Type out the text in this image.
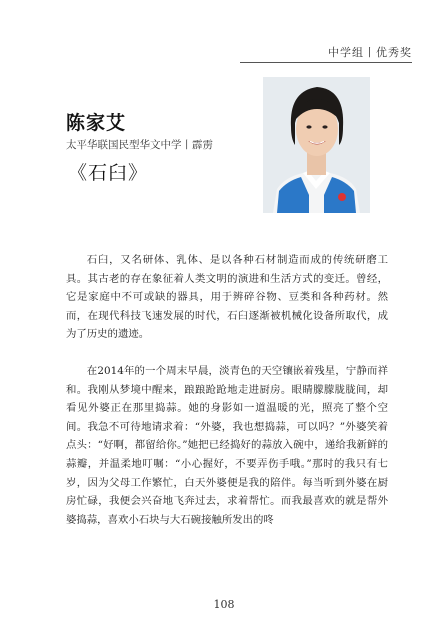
中学组丨优秀奖
陈家艾
太平华联国民型华文中学丨霹雳
《石臼》

石臼，又名研体、乳体、是以各种石材制造而成的传统研磨工具。其古老的存在象征着人类文明的演进和生活方式的变迁。曾经，它是家庭中不可或缺的器具，用于辨碎谷物、豆类和各种药材。然而，在现代科技飞速发展的时代，石臼逐渐被机械化设备所取代，成为了历史的遗迹。

在2014年的一个周末早晨，淡青色的天空镶嵌着残星，宁静而祥和。我刚从梦境中醒来，踉踉跄跄地走进厨房。眼睛朦朦胧胧间，却看见外婆正在那里捣蒜。她的身影如一道温暖的光，照亮了整个空间。我急不可待地请求着：“外婆，我也想捣蒜，可以吗？”外婆笑着点头：“好啊，都留给你。”她把已经捣好的蒜放入碗中，递给我新鲜的蒜瓣，并温柔地叮嘱：“小心握好，不要弄伤手哦。”那时的我只有七岁，因为父母工作繁忙，白天外婆便是我的陪伴。每当听到外婆在厨房忙碌，我便会兴奋地飞奔过去，求着帮忙。而我最喜欢的就是帮外婆捣蒜，喜欢小石块与大石碗接触所发出的咚

108
